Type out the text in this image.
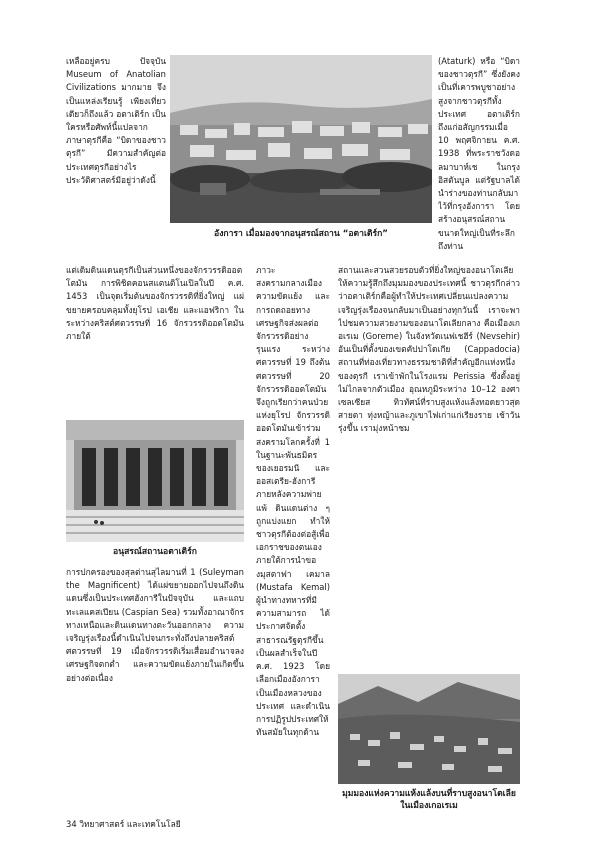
อังการา เมื่อมองจากอนุสรณ์สถาน “อตาเติร์ก”
อนุสรณ์สถานอตาเติร์ก
มุมมองแห่งความแห้งแล้งบนที่ราบสูงอนาโตเลียในเมืองเกอเรเม

เหลืออยู่ครบ ปัจจุบัน Museum of Anatolian Civilizations มากมาย จึงเป็นแหล่งเรียนรู้ เพียงเที่ยวเดียวก็ถึงแล้ว อตาเติร์ก เป็นใครหรือศัพท์นี้แปลจากภาษาตุรกีคือ “บิดาของชาวตุรกี” มีความสำคัญต่อประเทศตุรกีอย่างไร ประวัติศาสตร์มีอยู่ว่าดังนี้

แต่เดิมดินแดนตุรกีเป็นส่วนหนึ่งของจักรวรรดิออตโตมัน การพิชิตคอนสแตนติโนเปิลในปี ค.ศ. 1453 เป็นจุดเริ่มต้นของจักรวรรดิที่ยิ่งใหญ่ แผ่ขยายครอบคลุมทั้งยุโรป เอเชีย และแอฟริกา ในระหว่างคริสต์ศตวรรษที่ 16 จักรวรรดิออตโตมันภายใต้

การปกครองของสุลต่านสุไลมานที่ 1 (Suleyman the Magnificent) ได้แผ่ขยายออกไปจนถึงดินแดนซึ่งเป็นประเทศฮังการีในปัจจุบัน และแถบทะเลแคสเปียน (Caspian Sea) รวมทั้งอาณาจักรทางเหนือและดินแดนทางตะวันออกกลาง ความเจริญรุ่งเรืองนี้ดำเนินไปจนกระทั่งถึงปลายคริสต์ศตวรรษที่ 19 เมื่อจักรวรรดิเริ่มเสื่อมอำนาจลง เศรษฐกิจตกต่ำ และความขัดแย้งภายในเกิดขึ้นอย่างต่อเนื่อง

ภาวะสงครามกลางเมือง ความขัดแย้ง และการถดถอยทางเศรษฐกิจส่งผลต่อจักรวรรดิอย่างรุนแรง ระหว่างศตวรรษที่ 19 ถึงต้นศตวรรษที่ 20 จักรวรรดิออตโตมันจึงถูกเรียกว่าคนป่วยแห่งยุโรป จักรวรรดิออตโตมันเข้าร่วมสงครามโลกครั้งที่ 1 ในฐานะพันธมิตรของเยอรมนี และออสเตรีย-ฮังการี ภายหลังความพ่ายแพ้ ดินแดนต่าง ๆ ถูกแบ่งแยก ทำให้ชาวตุรกีต้องต่อสู้เพื่อเอกราชของตนเอง ภายใต้การนำของมุสตาฟา เคมาล (Mustafa Kemal) ผู้นำทางทหารที่มีความสามารถ ได้ประกาศจัดตั้งสาธารณรัฐตุรกีขึ้นเป็นผลสำเร็จในปี ค.ศ. 1923 โดยเลือกเมืองอังการาเป็นเมืองหลวงของประเทศ และดำเนินการปฏิรูปประเทศให้ทันสมัยในทุกด้าน

(Ataturk) หรือ “บิดาของชาวตุรกี” ซึ่งยังคงเป็นที่เคารพบูชาอย่างสูงจากชาวตุรกีทั้งประเทศ อตาเติร์กถึงแก่อสัญกรรมเมื่อ 10 พฤศจิกายน ค.ศ. 1938 ที่พระราชวังดอลมาบาห์เช ในกรุงอิสตันบูล แต่รัฐบาลได้นำร่างของท่านกลับมาไว้ที่กรุงอังการา โดยสร้างอนุสรณ์สถานขนาดใหญ่เป็นที่ระลึกถึงท่าน

สถานและสวนสวยรอบตัวที่ยิ่งใหญ่ของอนาโตเลีย ให้ความรู้สึกถึงมุมมองของประเทศนี้ ชาวตุรกีกล่าวว่าอตาเติร์กคือผู้ทำให้ประเทศเปลี่ยนแปลงความเจริญรุ่งเรืองจนกลับมาเป็นอย่างทุกวันนี้ เราจะพาไปชมความสวยงามของอนาโตเลียกลาง คือเมืองเกอเรเม (Goreme) ในจังหวัดเนฟเชฮีร์ (Nevsehir) อันเป็นที่ตั้งของเขตคัปปาโดเกีย (Cappadocia) สถานที่ท่องเที่ยวทางธรรมชาติที่สำคัญอีกแห่งหนึ่งของตุรกี เราเข้าพักในโรงแรม Perissia ซึ่งตั้งอยู่ไม่ไกลจากตัวเมือง อุณหภูมิระหว่าง 10–12 องศาเซลเซียส ทิวทัศน์ที่ราบสูงแห้งแล้งทอดยาวสุดสายตา ทุ่งหญ้าและภูเขาไฟเก่าแก่เรียงราย เช้าวันรุ่งขึ้น เรามุ่งหน้าชม

34 วิทยาศาสตร์ และเทคโนโลยี
